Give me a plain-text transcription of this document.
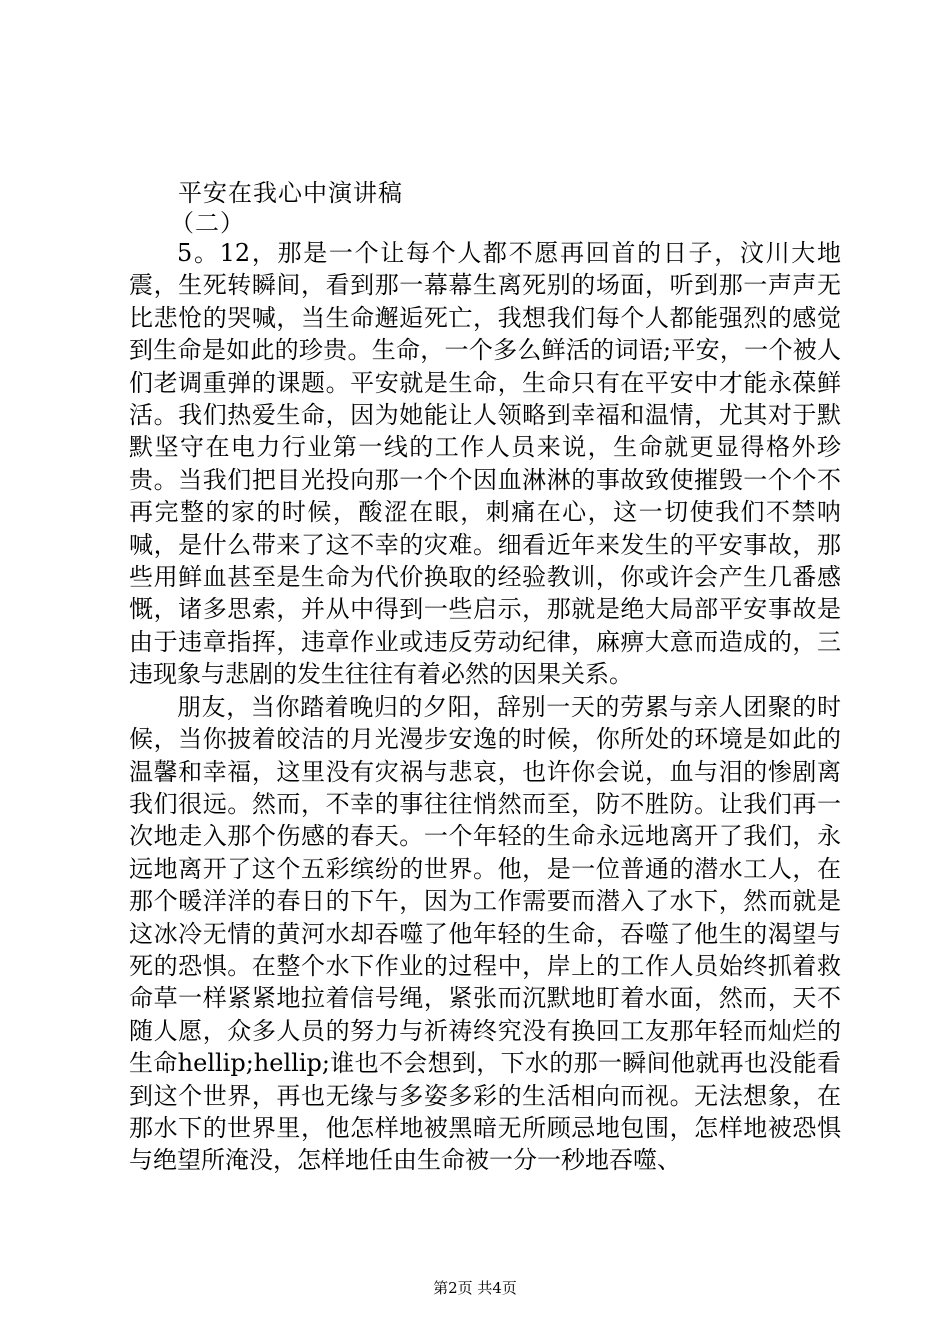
平安在我心中演讲稿
（二）

5。12，那是一个让每个人都不愿再回首的日子，汶川大地震，生死转瞬间，看到那一幕幕生离死别的场面，听到那一声声无比悲怆的哭喊，当生命邂逅死亡，我想我们每个人都能强烈的感觉到生命是如此的珍贵。生命，一个多么鲜活的词语;平安，一个被人们老调重弹的课题。平安就是生命，生命只有在平安中才能永葆鲜活。我们热爱生命，因为她能让人领略到幸福和温情，尤其对于默默坚守在电力行业第一线的工作人员来说，生命就更显得格外珍贵。当我们把目光投向那一个个因血淋淋的事故致使摧毁一个个不再完整的家的时候，酸涩在眼，刺痛在心，这一切使我们不禁呐喊，是什么带来了这不幸的灾难。细看近年来发生的平安事故，那些用鲜血甚至是生命为代价换取的经验教训，你或许会产生几番感慨，诸多思索，并从中得到一些启示，那就是绝大局部平安事故是由于违章指挥，违章作业或违反劳动纪律，麻痹大意而造成的，三违现象与悲剧的发生往往有着必然的因果关系。

朋友，当你踏着晚归的夕阳，辞别一天的劳累与亲人团聚的时候，当你披着皎洁的月光漫步安逸的时候，你所处的环境是如此的温馨和幸福，这里没有灾祸与悲哀，也许你会说，血与泪的惨剧离我们很远。然而，不幸的事往往悄然而至，防不胜防。让我们再一次地走入那个伤感的春天。一个年轻的生命永远地离开了我们，永远地离开了这个五彩缤纷的世界。他，是一位普通的潜水工人，在那个暖洋洋的春日的下午，因为工作需要而潜入了水下，然而就是这冰冷无情的黄河水却吞噬了他年轻的生命，吞噬了他生的渴望与死的恐惧。在整个水下作业的过程中，岸上的工作人员始终抓着救命草一样紧紧地拉着信号绳，紧张而沉默地盯着水面，然而，天不随人愿，众多人员的努力与祈祷终究没有换回工友那年轻而灿烂的生命hellip;hellip;谁也不会想到，下水的那一瞬间他就再也没能看到这个世界，再也无缘与多姿多彩的生活相向而视。无法想象，在那水下的世界里，他怎样地被黑暗无所顾忌地包围，怎样地被恐惧与绝望所淹没，怎样地任由生命被一分一秒地吞噬、

第2页 共4页
